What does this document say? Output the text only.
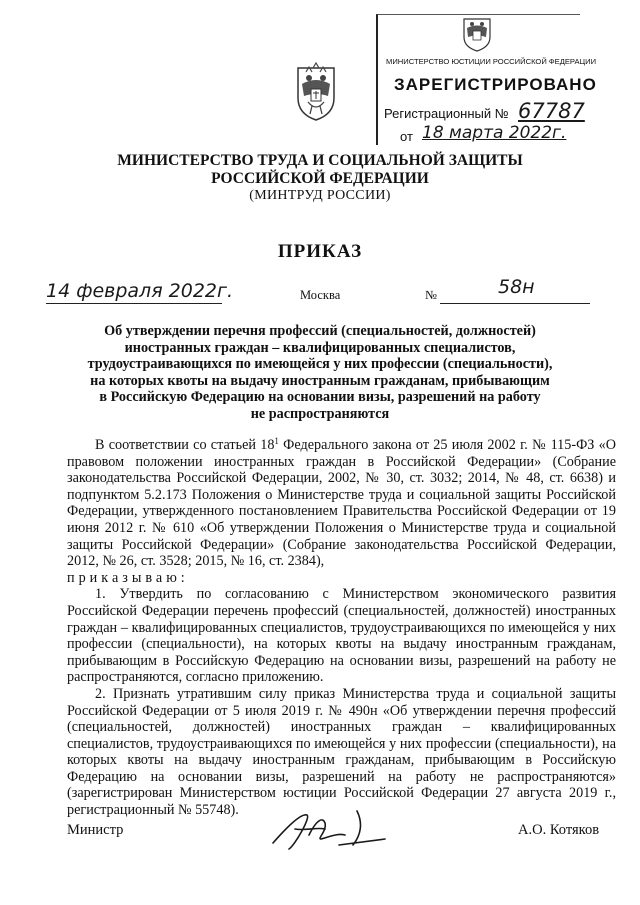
МИНИСТЕРСТВО ЮСТИЦИИ РОССИЙСКОЙ ФЕДЕРАЦИИ
ЗАРЕГИСТРИРОВАНО
Регистрационный № 67787
от 18 марта 2022г.
МИНИСТЕРСТВО ТРУДА И СОЦИАЛЬНОЙ ЗАЩИТЫ
РОССИЙСКОЙ ФЕДЕРАЦИИ
(МИНТРУД РОССИИ)
ПРИКАЗ
14 февраля 2022г.	Москва	№	58н
Об утверждении перечня профессий (специальностей, должностей)
иностранных граждан – квалифицированных специалистов,
трудоустраивающихся по имеющейся у них профессии (специальности),
на которых квоты на выдачу иностранным гражданам, прибывающим
в Российскую Федерацию на основании визы, разрешений на работу
не распространяются

В соответствии со статьей $18^1$ Федерального закона от 25 июля 2002 г. № 115-ФЗ «О правовом положении иностранных граждан в Российской Федерации» (Собрание законодательства Российской Федерации, 2002, № 30, ст. 3032; 2014, № 48, ст. 6638) и подпунктом 5.2.173 Положения о Министерстве труда и социальной защиты Российской Федерации, утвержденного постановлением Правительства Российской Федерации от 19 июня 2012 г. № 610 «Об утверждении Положения о Министерстве труда и социальной защиты Российской Федерации» (Собрание законодательства Российской Федерации, 2012, № 26, ст. 3528; 2015, № 16, ст. 2384),

приказываю:

1. Утвердить по согласованию с Министерством экономического развития Российской Федерации перечень профессий (специальностей, должностей) иностранных граждан – квалифицированных специалистов, трудоустраивающихся по имеющейся у них профессии (специальности), на которых квоты на выдачу иностранным гражданам, прибывающим в Российскую Федерацию на основании визы, разрешений на работу не распространяются, согласно приложению.

2. Признать утратившим силу приказ Министерства труда и социальной защиты Российской Федерации от 5 июля 2019 г. № 490н «Об утверждении перечня профессий (специальностей, должностей) иностранных граждан – квалифицированных специалистов, трудоустраивающихся по имеющейся у них профессии (специальности), на которых квоты на выдачу иностранным гражданам, прибывающим в Российскую Федерацию на основании визы, разрешений на работу не распространяются» (зарегистрирован Министерством юстиции Российской Федерации 27 августа 2019 г., регистрационный № 55748).

Министр	А.О. Котяков
